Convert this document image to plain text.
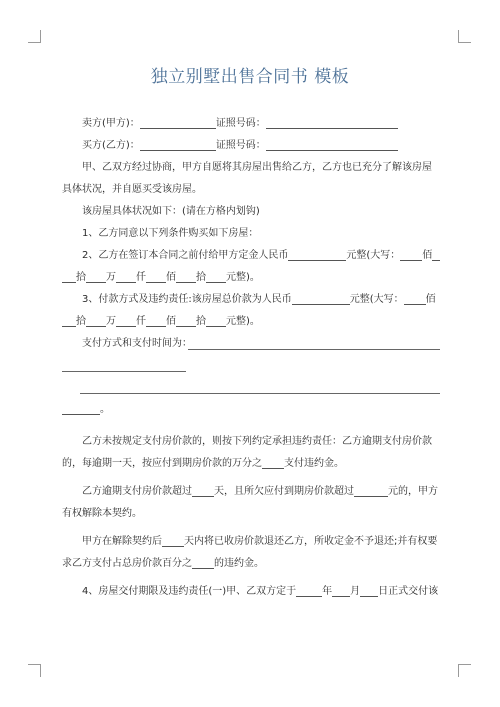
独立别墅出售合同书 模板
卖方(甲方)：	证照号码：
买方(乙方)：	证照号码：
甲、乙双方经过协商，甲方自愿将其房屋出售给乙方，乙方也已充分了解该房屋
具体状况，并自愿买受该房屋。
该房屋具体状况如下：(请在方格内划钩)
1、乙方同意以下列条件购买如下房屋：
2、乙方在签订本合同之前付给甲方定金人民币	元整(大写： 佰
拾 万 仟 佰 拾 元整)。
3、付款方式及违约责任:该房屋总价款为人民币	元整(大写： 佰
拾 万 仟 佰 拾 元整)。
支付方式和支付时间为：
。
乙方未按规定支付房价款的，则按下列约定承担违约责任：乙方逾期支付房价款
的，每逾期一天，按应付到期房价款的万分之 支付违约金。
乙方逾期支付房价款超过 天，且所欠应付到期房价款超过	元的，甲方
有权解除本契约。
甲方在解除契约后 天内将已收房价款退还乙方，所收定金不予退还;并有权要
求乙方支付占总房价款百分之 的违约金。
4、房屋交付期限及违约责任(一)甲、乙双方定于	年 月 日正式交付该
